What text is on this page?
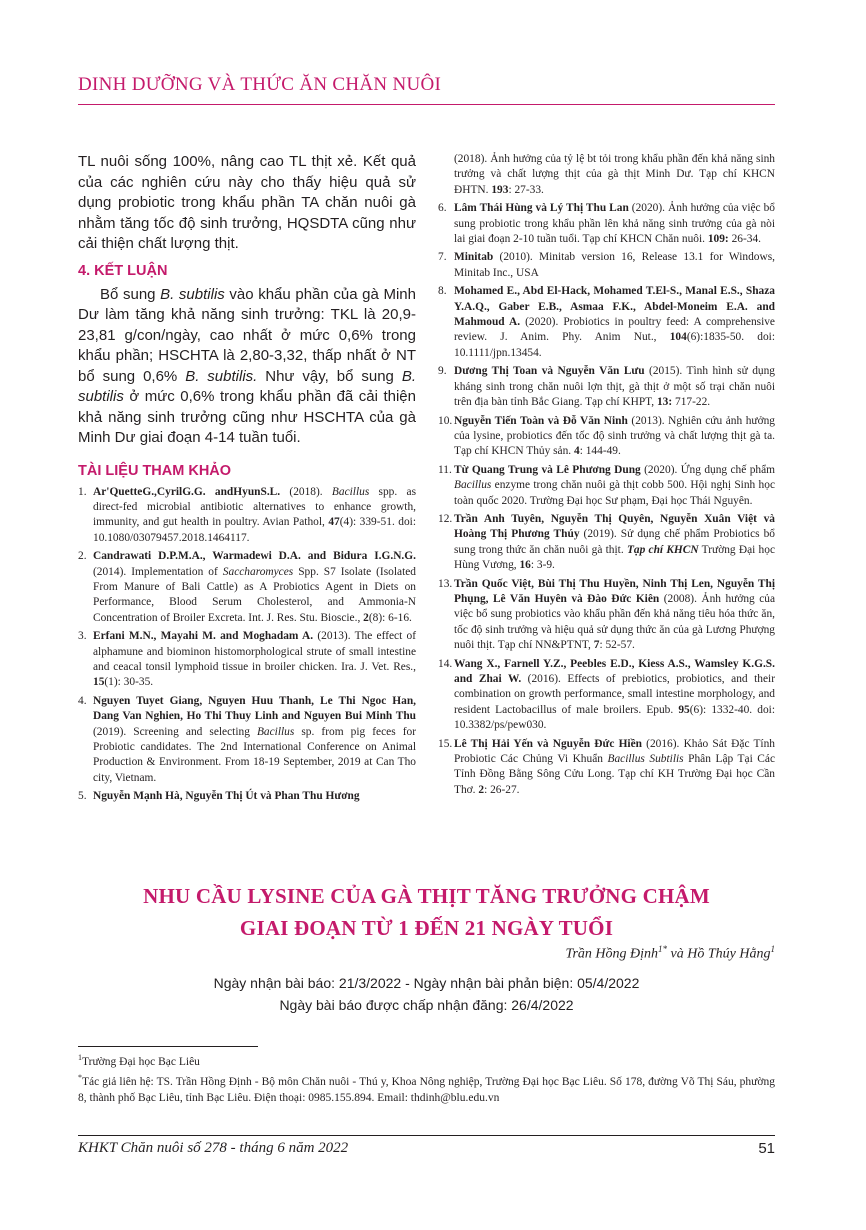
DINH DƯỠNG VÀ THỨC ĂN CHĂN NUÔI

TL nuôi sống 100%, nâng cao TL thịt xẻ. Kết quả của các nghiên cứu này cho thấy hiệu quả sử dụng probiotic trong khẩu phần TA chăn nuôi gà nhằm tăng tốc độ sinh trưởng, HQSDTA cũng như cải thiện chất lượng thịt.

4. KẾT LUẬN

Bổ sung B. subtilis vào khẩu phần của gà Minh Dư làm tăng khả năng sinh trưởng: TKL là 20,9-23,81 g/con/ngày, cao nhất ở mức 0,6% trong khẩu phần; HSCHTA là 2,80-3,32, thấp nhất ở NT bổ sung 0,6% B. subtilis. Như vậy, bổ sung B. subtilis ở mức 0,6% trong khẩu phần đã cải thiện khả năng sinh trưởng cũng như HSCHTA của gà Minh Dư giai đoạn 4-14 tuần tuổi.

TÀI LIỆU THAM KHẢO
1. Ar'QuetteG.,CyrilG.G. andHyunS.L. (2018). Bacillus spp. as direct-fed microbial antibiotic alternatives to enhance growth, immunity, and gut health in poultry. Avian Pathol, 47(4): 339-51. doi: 10.1080/03079457.2018.1464117.
2. Candrawati D.P.M.A., Warmadewi D.A. and Bidura I.G.N.G. (2014). Implementation of Saccharomyces Spp. S7 Isolate (Isolated From Manure of Bali Cattle) as A Probiotics Agent in Diets on Performance, Blood Serum Cholesterol, and Ammonia-N Concentration of Broiler Excreta. Int. J. Res. Stu. Bioscie., 2(8): 6-16.
3. Erfani M.N., Mayahi M. and Moghadam A. (2013). The effect of alphamune and biominon histomorphological strute of small intestine and ceacal tonsil lymphoid tissue in broiler chicken. Ira. J. Vet. Res., 15(1): 30-35.
4. Nguyen Tuyet Giang, Nguyen Huu Thanh, Le Thi Ngoc Han, Dang Van Nghien, Ho Thi Thuy Linh and Nguyen Bui Minh Thu (2019). Screening and selecting Bacillus sp. from pig feces for Probiotic candidates. The 2nd International Conference on Animal Production & Environment. From 18-19 September, 2019 at Can Tho city, Vietnam.
5. Nguyễn Mạnh Hà, Nguyễn Thị Út và Phan Thu Hương
(2018). Ảnh hưởng của tỷ lệ bt tỏi trong khẩu phần đến khả năng sinh trưởng và chất lượng thịt của gà thịt Minh Dư. Tạp chí KHCN ĐHTN. 193: 27-33.
6. Lâm Thái Hùng và Lý Thị Thu Lan (2020). Ảnh hưởng của việc bổ sung probiotic trong khẩu phần lên khả năng sinh trưởng của gà nòi lai giai đoạn 2-10 tuần tuổi. Tạp chí KHCN Chăn nuôi. 109: 26-34.
7. Minitab (2010). Minitab version 16, Release 13.1 for Windows, Minitab Inc., USA
8. Mohamed E., Abd El-Hack, Mohamed T.El-S., Manal E.S., Shaza Y.A.Q., Gaber E.B., Asmaa F.K., Abdel-Moneim E.A. and Mahmoud A. (2020). Probiotics in poultry feed: A comprehensive review. J. Anim. Phy. Anim Nut., 104(6):1835-50. doi: 10.1111/jpn.13454.
9. Dương Thị Toan và Nguyễn Văn Lưu (2015). Tình hình sử dụng kháng sinh trong chăn nuôi lợn thịt, gà thịt ở một số trại chăn nuôi trên địa bàn tỉnh Bắc Giang. Tạp chí KHPT, 13: 717-22.
10. Nguyễn Tiến Toàn và Đỗ Văn Ninh (2013). Nghiên cứu ảnh hưởng của lysine, probiotics đến tốc độ sinh trưởng và chất lượng thịt gà ta. Tạp chí KHCN Thủy sản. 4: 144-49.
11. Từ Quang Trung và Lê Phương Dung (2020). Ứng dụng chế phẩm Bacillus enzyme trong chăn nuôi gà thịt cobb 500. Hội nghị Sinh học toàn quốc 2020. Trường Đại học Sư phạm, Đại học Thái Nguyên.
12. Trần Anh Tuyên, Nguyễn Thị Quyên, Nguyễn Xuân Việt và Hoàng Thị Phương Thúy (2019). Sử dụng chế phẩm Probiotics bổ sung trong thức ăn chăn nuôi gà thịt. Tạp chí KHCN Trường Đại học Hùng Vương, 16: 3-9.
13. Trần Quốc Việt, Bùi Thị Thu Huyền, Ninh Thị Len, Nguyễn Thị Phụng, Lê Văn Huyên và Đào Đức Kiên (2008). Ảnh hưởng của việc bổ sung probiotics vào khẩu phần đến khả năng tiêu hóa thức ăn, tốc độ sinh trưởng và hiệu quả sử dụng thức ăn của gà Lương Phượng nuôi thịt. Tạp chí NN&PTNT, 7: 52-57.
14. Wang X., Farnell Y.Z., Peebles E.D., Kiess A.S., Wamsley K.G.S. and Zhai W. (2016). Effects of prebiotics, probiotics, and their combination on growth performance, small intestine morphology, and resident Lactobacillus of male broilers. Epub. 95(6): 1332-40. doi: 10.3382/ps/pew030.
15. Lê Thị Hải Yến và Nguyễn Đức Hiền (2016). Khảo Sát Đặc Tính Probiotic Các Chủng Vi Khuẩn Bacillus Subtilis Phân Lập Tại Các Tỉnh Đồng Bằng Sông Cửu Long. Tạp chí KH Trường Đại học Cần Thơ. 2: 26-27.
NHU CẦU LYSINE CỦA GÀ THỊT TĂNG TRƯỞNG CHẬM
GIAI ĐOẠN TỪ 1 ĐẾN 21 NGÀY TUỔI
Trần Hồng Định$^{1*}$ và Hồ Thúy Hằng$^1$
Ngày nhận bài báo: 21/3/2022 - Ngày nhận bài phản biện: 05/4/2022
Ngày bài báo được chấp nhận đăng: 26/4/2022

$^1$Trường Đại học Bạc Liêu

*Tác giả liên hệ: TS. Trần Hồng Định - Bộ môn Chăn nuôi - Thú y, Khoa Nông nghiệp, Trường Đại học Bạc Liêu. Số 178, đường Võ Thị Sáu, phường 8, thành phố Bạc Liêu, tỉnh Bạc Liêu. Điện thoại: 0985.155.894. Email: thdinh@blu.edu.vn

KHKT Chăn nuôi số 278 - tháng 6 năm 2022	51
